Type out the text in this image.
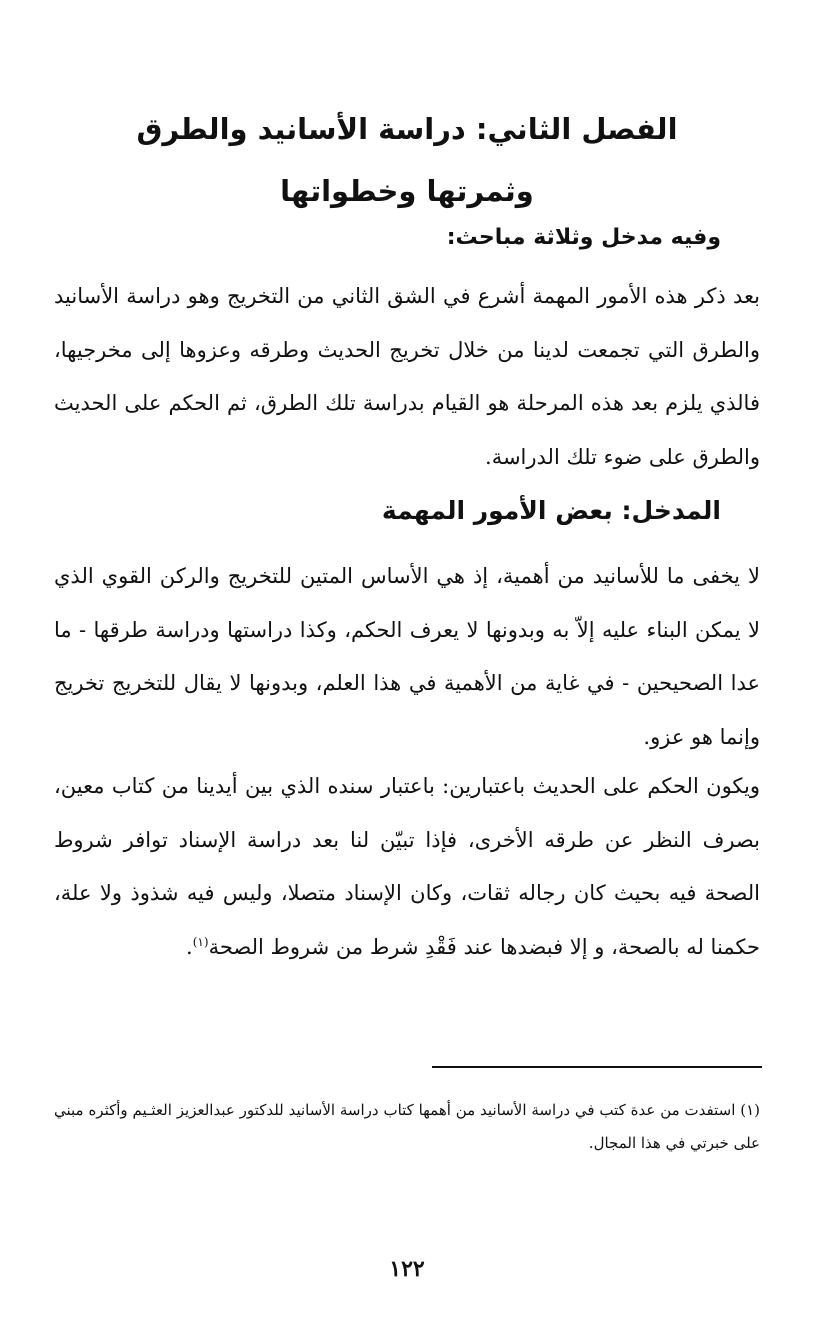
الفصل الثاني: دراسة الأسانيد والطرق وثمرتها وخطواتها

وفيه مدخل وثلاثة مباحث:

بعد ذكر هذه الأمور المهمة أشرع في الشق الثاني من التخريج وهو دراسة الأسانيد والطرق التي تجمعت لدينا من خلال تخريج الحديث وطرقه وعزوها إلى مخرجيها، فالذي يلزم بعد هذه المرحلة هو القيام بدراسة تلك الطرق، ثم الحكم على الحديث والطرق على ضوء تلك الدراسة.

المدخل: بعض الأمور المهمة

لا يخفى ما للأسانيد من أهمية، إذ هي الأساس المتين للتخريج والركن القوي الذي لا يمكن البناء عليه إلاّ به وبدونها لا يعرف الحكم، وكذا دراستها ودراسة طرقها - ما عدا الصحيحين - في غاية من الأهمية في هذا العلم، وبدونها لا يقال للتخريج تخريج وإنما هو عزو.

ويكون الحكم على الحديث باعتبارين: باعتبار سنده الذي بين أيدينا من كتاب معين، بصرف النظر عن طرقه الأخرى، فإذا تبيّن لنا بعد دراسة الإسناد توافر شروط الصحة فيه بحيث كان رجاله ثقات، وكان الإسناد متصلا، وليس فيه شذوذ ولا علة، حكمنا له بالصحة، و إلا فبضدها عند فَقْدِ شرط من شروط الصحة$^{(١)}$.

(١) استفدت من عدة كتب في دراسة الأسانيد من أهمها كتاب دراسة الأسانيد للدكتور عبدالعزيز العثـيم وأكثره مبني على خبرتي في هذا المجال.

١٢٢
